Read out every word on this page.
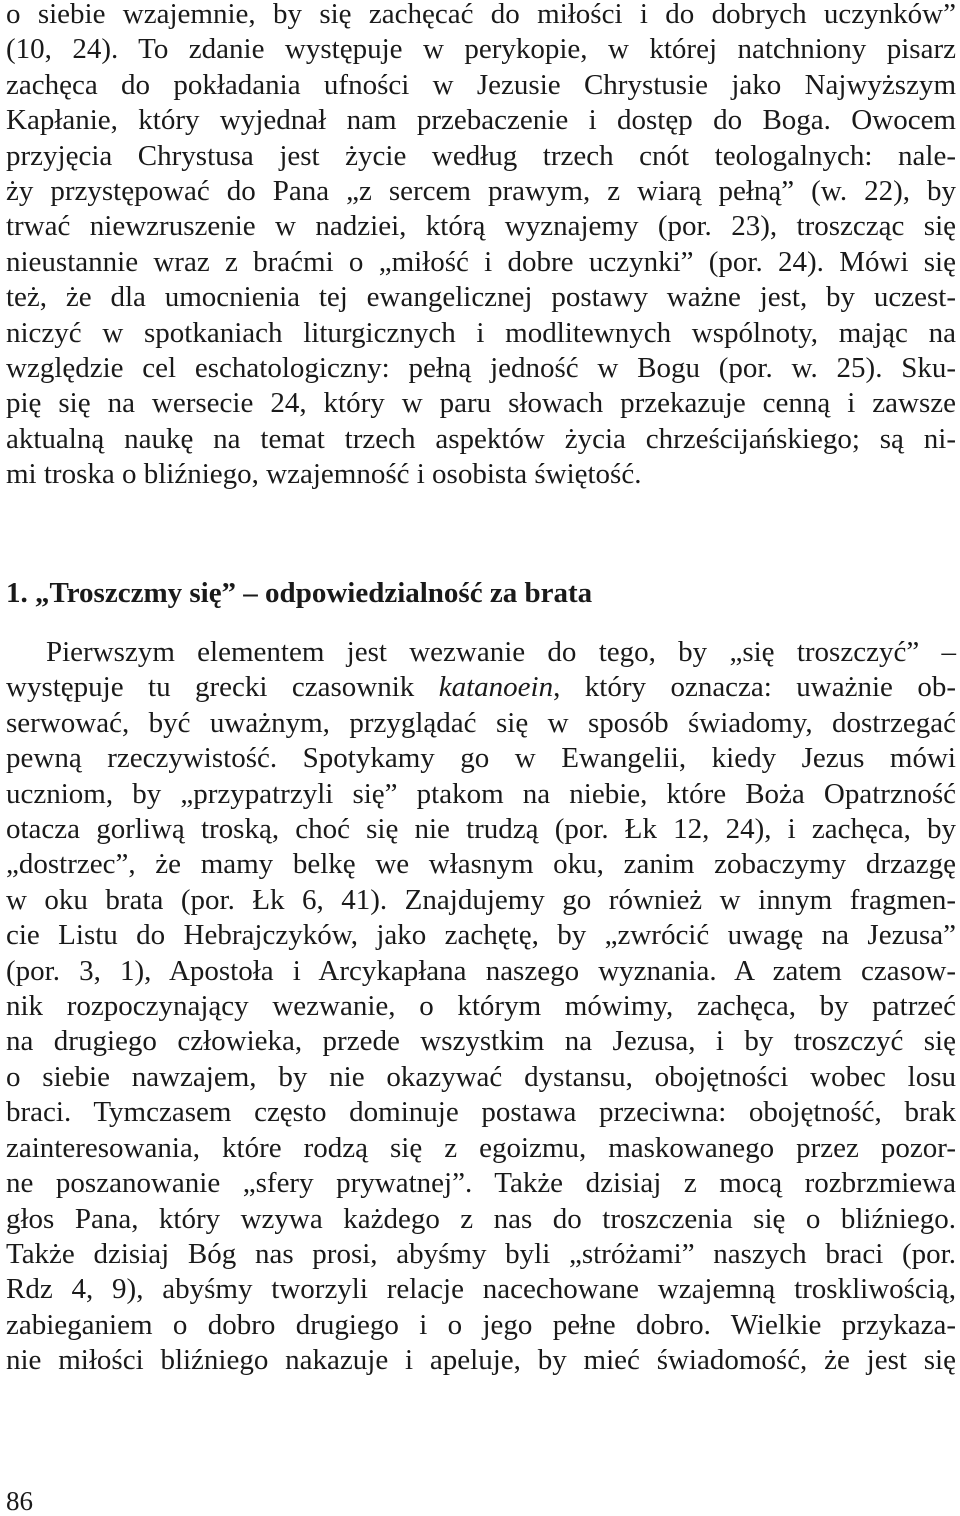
o siebie wzajemnie, by się zachęcać do miłości i do dobrych uczynków”

(10, 24). To zdanie występuje w perykopie, w której natchniony pisarz

zachęca do pokładania ufności w Jezusie Chrystusie jako Najwyższym

Kapłanie, który wyjednał nam przebaczenie i dostęp do Boga. Owocem

przyjęcia Chrystusa jest życie według trzech cnót teologalnych: nale-

ży przystępować do Pana „z sercem prawym, z wiarą pełną” (w. 22), by

trwać niewzruszenie w nadziei, którą wyznajemy (por. 23), troszcząc się

nieustannie wraz z braćmi o „miłość i dobre uczynki” (por. 24). Mówi się

też, że dla umocnienia tej ewangelicznej postawy ważne jest, by uczest-

niczyć w spotkaniach liturgicznych i modlitewnych wspólnoty, mając na

względzie cel eschatologiczny: pełną jedność w Bogu (por. w. 25). Sku-

pię się na wersecie 24, który w paru słowach przekazuje cenną i zawsze

aktualną naukę na temat trzech aspektów życia chrześcijańskiego; są ni-

mi troska o bliźniego, wzajemność i osobista świętość.

1. „Troszczmy się” – odpowiedzialność za brata

Pierwszym elementem jest wezwanie do tego, by „się troszczyć” –

występuje tu grecki czasownik katanoein, który oznacza: uważnie ob-

serwować, być uważnym, przyglądać się w sposób świadomy, dostrzegać

pewną rzeczywistość. Spotykamy go w Ewangelii, kiedy Jezus mówi

uczniom, by „przypatrzyli się” ptakom na niebie, które Boża Opatrzność

otacza gorliwą troską, choć się nie trudzą (por. Łk 12, 24), i zachęca, by

„dostrzec”, że mamy belkę we własnym oku, zanim zobaczymy drzazgę

w oku brata (por. Łk 6, 41). Znajdujemy go również w innym fragmen-

cie Listu do Hebrajczyków, jako zachętę, by „zwrócić uwagę na Jezusa”

(por. 3, 1), Apostoła i Arcykapłana naszego wyznania. A zatem czasow-

nik rozpoczynający wezwanie, o którym mówimy, zachęca, by patrzeć

na drugiego człowieka, przede wszystkim na Jezusa, i by troszczyć się

o siebie nawzajem, by nie okazywać dystansu, obojętności wobec losu

braci. Tymczasem często dominuje postawa przeciwna: obojętność, brak

zainteresowania, które rodzą się z egoizmu, maskowanego przez pozor-

ne poszanowanie „sfery prywatnej”. Także dzisiaj z mocą rozbrzmiewa

głos Pana, który wzywa każdego z nas do troszczenia się o bliźniego.

Także dzisiaj Bóg nas prosi, abyśmy byli „stróżami” naszych braci (por.

Rdz 4, 9), abyśmy tworzyli relacje nacechowane wzajemną troskliwością,

zabieganiem o dobro drugiego i o jego pełne dobro. Wielkie przykaza-

nie miłości bliźniego nakazuje i apeluje, by mieć świadomość, że jest się

86
